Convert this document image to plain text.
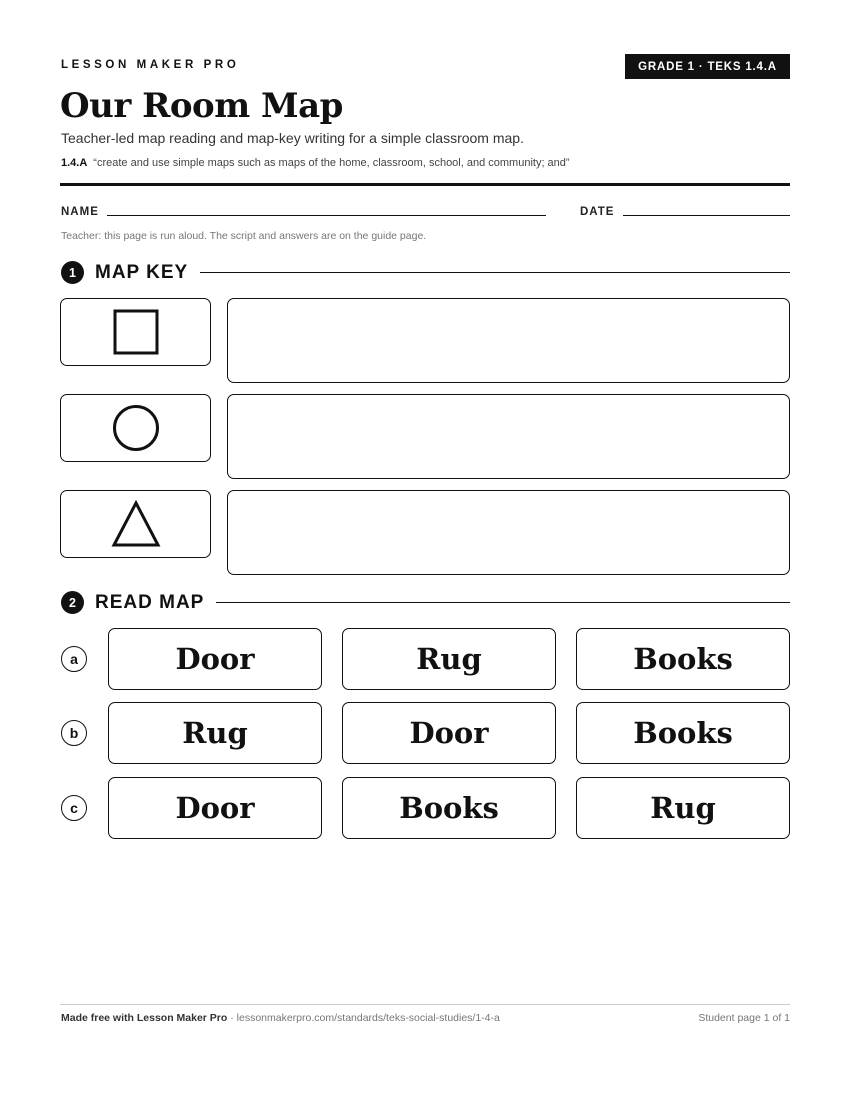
LESSON MAKER PRO	GRADE 1 · TEKS 1.4.A
Our Room Map
Teacher-led map reading and map-key writing for a simple classroom map.
1.4.A “create and use simple maps such as maps of the home, classroom, school, and community; and”
NAME	DATE
Teacher: this page is run aloud. The script and answers are on the guide page.
1	MAP KEY
2	READ MAP
a	Door	Rug	Books
b	Rug	Door	Books
c	Door	Books	Rug
Made free with Lesson Maker Pro · lessonmakerpro.com/standards/teks-social-studies/1-4-a	Student page 1 of 1
